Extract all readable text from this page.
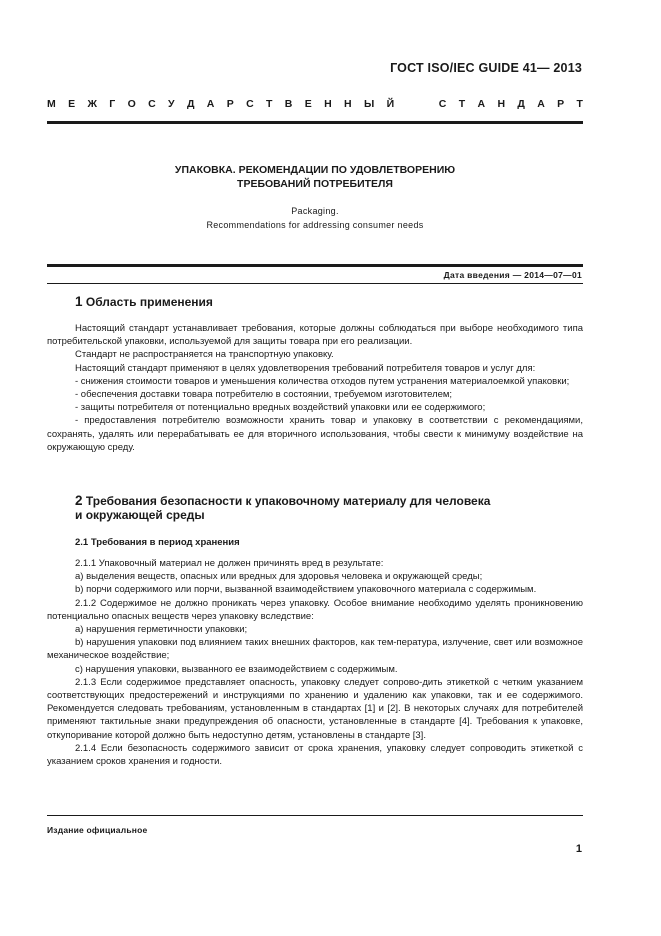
ГОСТ ISO/IEC GUIDE 41— 2013
М Е Ж Г О С У Д А Р С Т В Е Н Н Ы Й	С Т А Н Д А Р Т
УПАКОВКА. РЕКОМЕНДАЦИИ ПО УДОВЛЕТВОРЕНИЮ
ТРЕБОВАНИЙ ПОТРЕБИТЕЛЯ
Packaging.
Recommendations for addressing consumer needs
Дата введения — 2014—07—01
1 Область применения

Настоящий стандарт устанавливает требования, которые должны соблюдаться при выборе необходимого типа потребительской упаковки, используемой для защиты товара при его реализации.

Стандарт не распространяется на транспортную упаковку.

Настоящий стандарт применяют в целях удовлетворения требований потребителя товаров и услуг для:

- снижения стоимости товаров и уменьшения количества отходов путем устранения материалоемкой упаковки;

- обеспечения доставки товара потребителю в состоянии, требуемом изготовителем;

- защиты потребителя от потенциально вредных воздействий упаковки или ее содержимого;

- предоставления потребителю возможности хранить товар и упаковку в соответствии с рекомендациями, сохранять, удалять или перерабатывать ее для вторичного использования, чтобы свести к минимуму воздействие на окружающую среду.

2 Требования безопасности к упаковочному материалу для человека
и окружающей среды
2.1 Требования в период хранения

2.1.1 Упаковочный материал не должен причинять вред в результате:

а) выделения веществ, опасных или вредных для здоровья человека и окружающей среды;

b) порчи содержимого или порчи, вызванной взаимодействием упаковочного материала с содержимым.

2.1.2 Содержимое не должно проникать через упаковку. Особое внимание необходимо уделять проникновению потенциально опасных веществ через упаковку вследствие:

а) нарушения герметичности упаковки;

b) нарушения упаковки под влиянием таких внешних факторов, как тем-пература, излучение, свет или возможное механическое воздействие;

c) нарушения упаковки, вызванного ее взаимодействием с содержимым.

2.1.3 Если содержимое представляет опасность, упаковку следует сопрово-дить этикеткой с четким указанием соответствующих предостережений и инструкциями по хранению и удалению как упаковки, так и ее содержимого. Рекомендуется следовать требованиям, установленным в стандартах [1] и [2]. В некоторых случаях для потребителей применяют тактильные знаки предупреждения об опасности, установленные в стандарте [4]. Требования к упаковке, откупоривание которой должно быть недоступно детям, установлены в стандарте [3].

2.1.4 Если безопасность содержимого зависит от срока хранения, упаковку следует сопроводить этикеткой с указанием сроков хранения и годности.

Издание официальное
1
